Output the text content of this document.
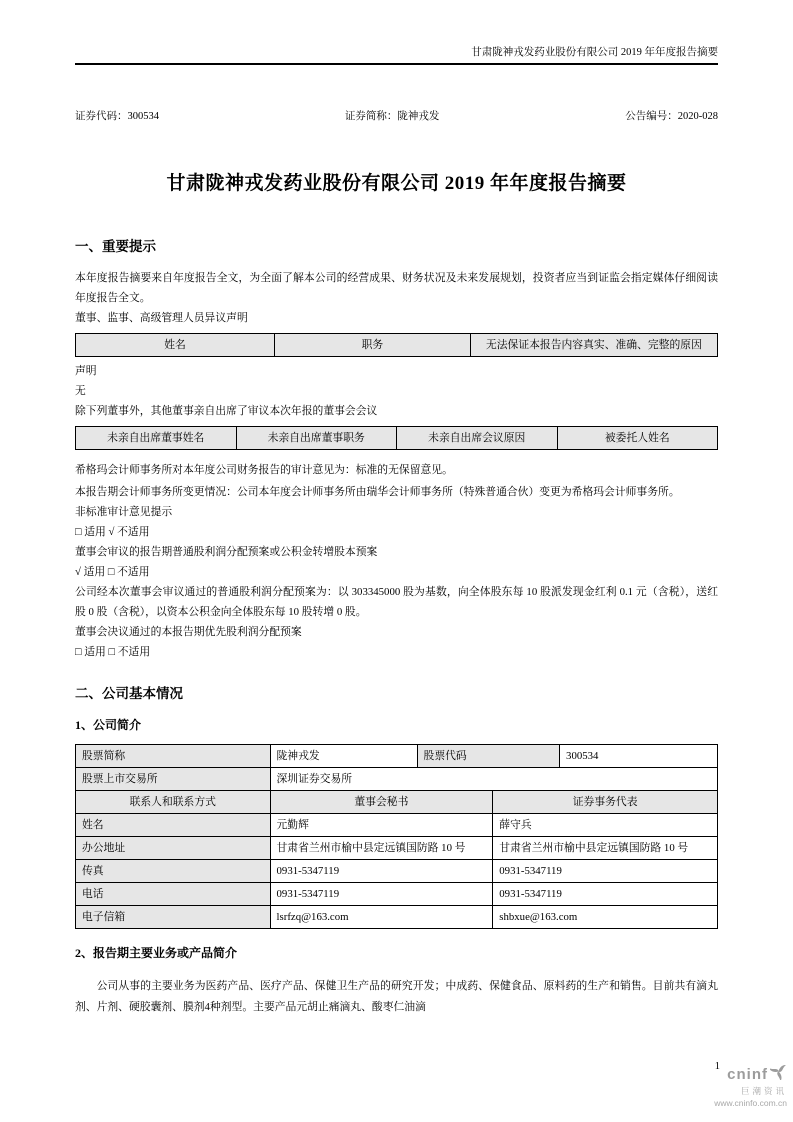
甘肃陇神戎发药业股份有限公司 2019 年年度报告摘要
证券代码：300534	证券简称：陇神戎发	公告编号：2020-028
甘肃陇神戎发药业股份有限公司 2019 年年度报告摘要
一、重要提示

本年度报告摘要来自年度报告全文，为全面了解本公司的经营成果、财务状况及未来发展规划，投资者应当到证监会指定媒体仔细阅读年度报告全文。

董事、监事、高级管理人员异议声明

姓名	职务	无法保证本报告内容真实、准确、完整的原因

声明

无

除下列董事外，其他董事亲自出席了审议本次年报的董事会会议

未亲自出席董事姓名	未亲自出席董事职务	未亲自出席会议原因	被委托人姓名

希格玛会计师事务所对本年度公司财务报告的审计意见为：标准的无保留意见。

本报告期会计师事务所变更情况：公司本年度会计师事务所由瑞华会计师事务所（特殊普通合伙）变更为希格玛会计师事务所。

非标准审计意见提示

□ 适用 √ 不适用

董事会审议的报告期普通股利润分配预案或公积金转增股本预案

√ 适用 □ 不适用

公司经本次董事会审议通过的普通股利润分配预案为：以 303345000 股为基数，向全体股东每 10 股派发现金红利 0.1 元（含税），送红股 0 股（含税），以资本公积金向全体股东每 10 股转增 0 股。

董事会决议通过的本报告期优先股利润分配预案

□ 适用 □ 不适用

二、公司基本情况
1、公司简介
股票简称	陇神戎发	股票代码		300534
股票上市交易所	深圳证券交易所			
联系人和联系方式	董事会秘书		证券事务代表	
姓名	元勤辉		薛守兵	
办公地址	甘肃省兰州市榆中县定远镇国防路 10 号		甘肃省兰州市榆中县定远镇国防路 10 号	
传真	0931-5347119		0931-5347119	
电话	0931-5347119		0931-5347119	
电子信箱	lsrfzq@163.com		shbxue@163.com	
2、报告期主要业务或产品简介

公司从事的主要业务为医药产品、医疗产品、保健卫生产品的研究开发；中成药、保健食品、原料药的生产和销售。目前共有滴丸剂、片剂、硬胶囊剂、膜剂4种剂型。主要产品元胡止痛滴丸、酸枣仁油滴

1 cninf
巨潮资讯
www.cninfo.com.cn
